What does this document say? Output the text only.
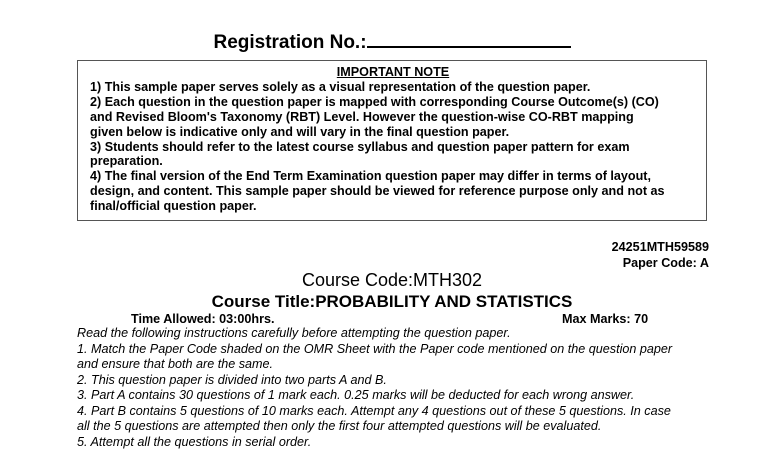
Registration No.:
IMPORTANT NOTE
1) This sample paper serves solely as a visual representation of the question paper.
2) Each question in the question paper is mapped with corresponding Course Outcome(s) (CO)
and Revised Bloom's Taxonomy (RBT) Level. However the question-wise CO-RBT mapping
given below is indicative only and will vary in the final question paper.
3) Students should refer to the latest course syllabus and question paper pattern for exam
preparation.
4) The final version of the End Term Examination question paper may differ in terms of layout,
design, and content. This sample paper should be viewed for reference purpose only and not as
final/official question paper.
24251MTH59589
Paper Code: A
Course Code:MTH302
Course Title:PROBABILITY AND STATISTICS
Time Allowed: 03:00hrs.	Max Marks: 70
Read the following instructions carefully before attempting the question paper.
1. Match the Paper Code shaded on the OMR Sheet with the Paper code mentioned on the question paper
and ensure that both are the same.
2. This question paper is divided into two parts A and B.
3. Part A contains 30 questions of 1 mark each. 0.25 marks will be deducted for each wrong answer.
4. Part B contains 5 questions of 10 marks each. Attempt any 4 questions out of these 5 questions. In case
all the 5 questions are attempted then only the first four attempted questions will be evaluated.
5. Attempt all the questions in serial order.
